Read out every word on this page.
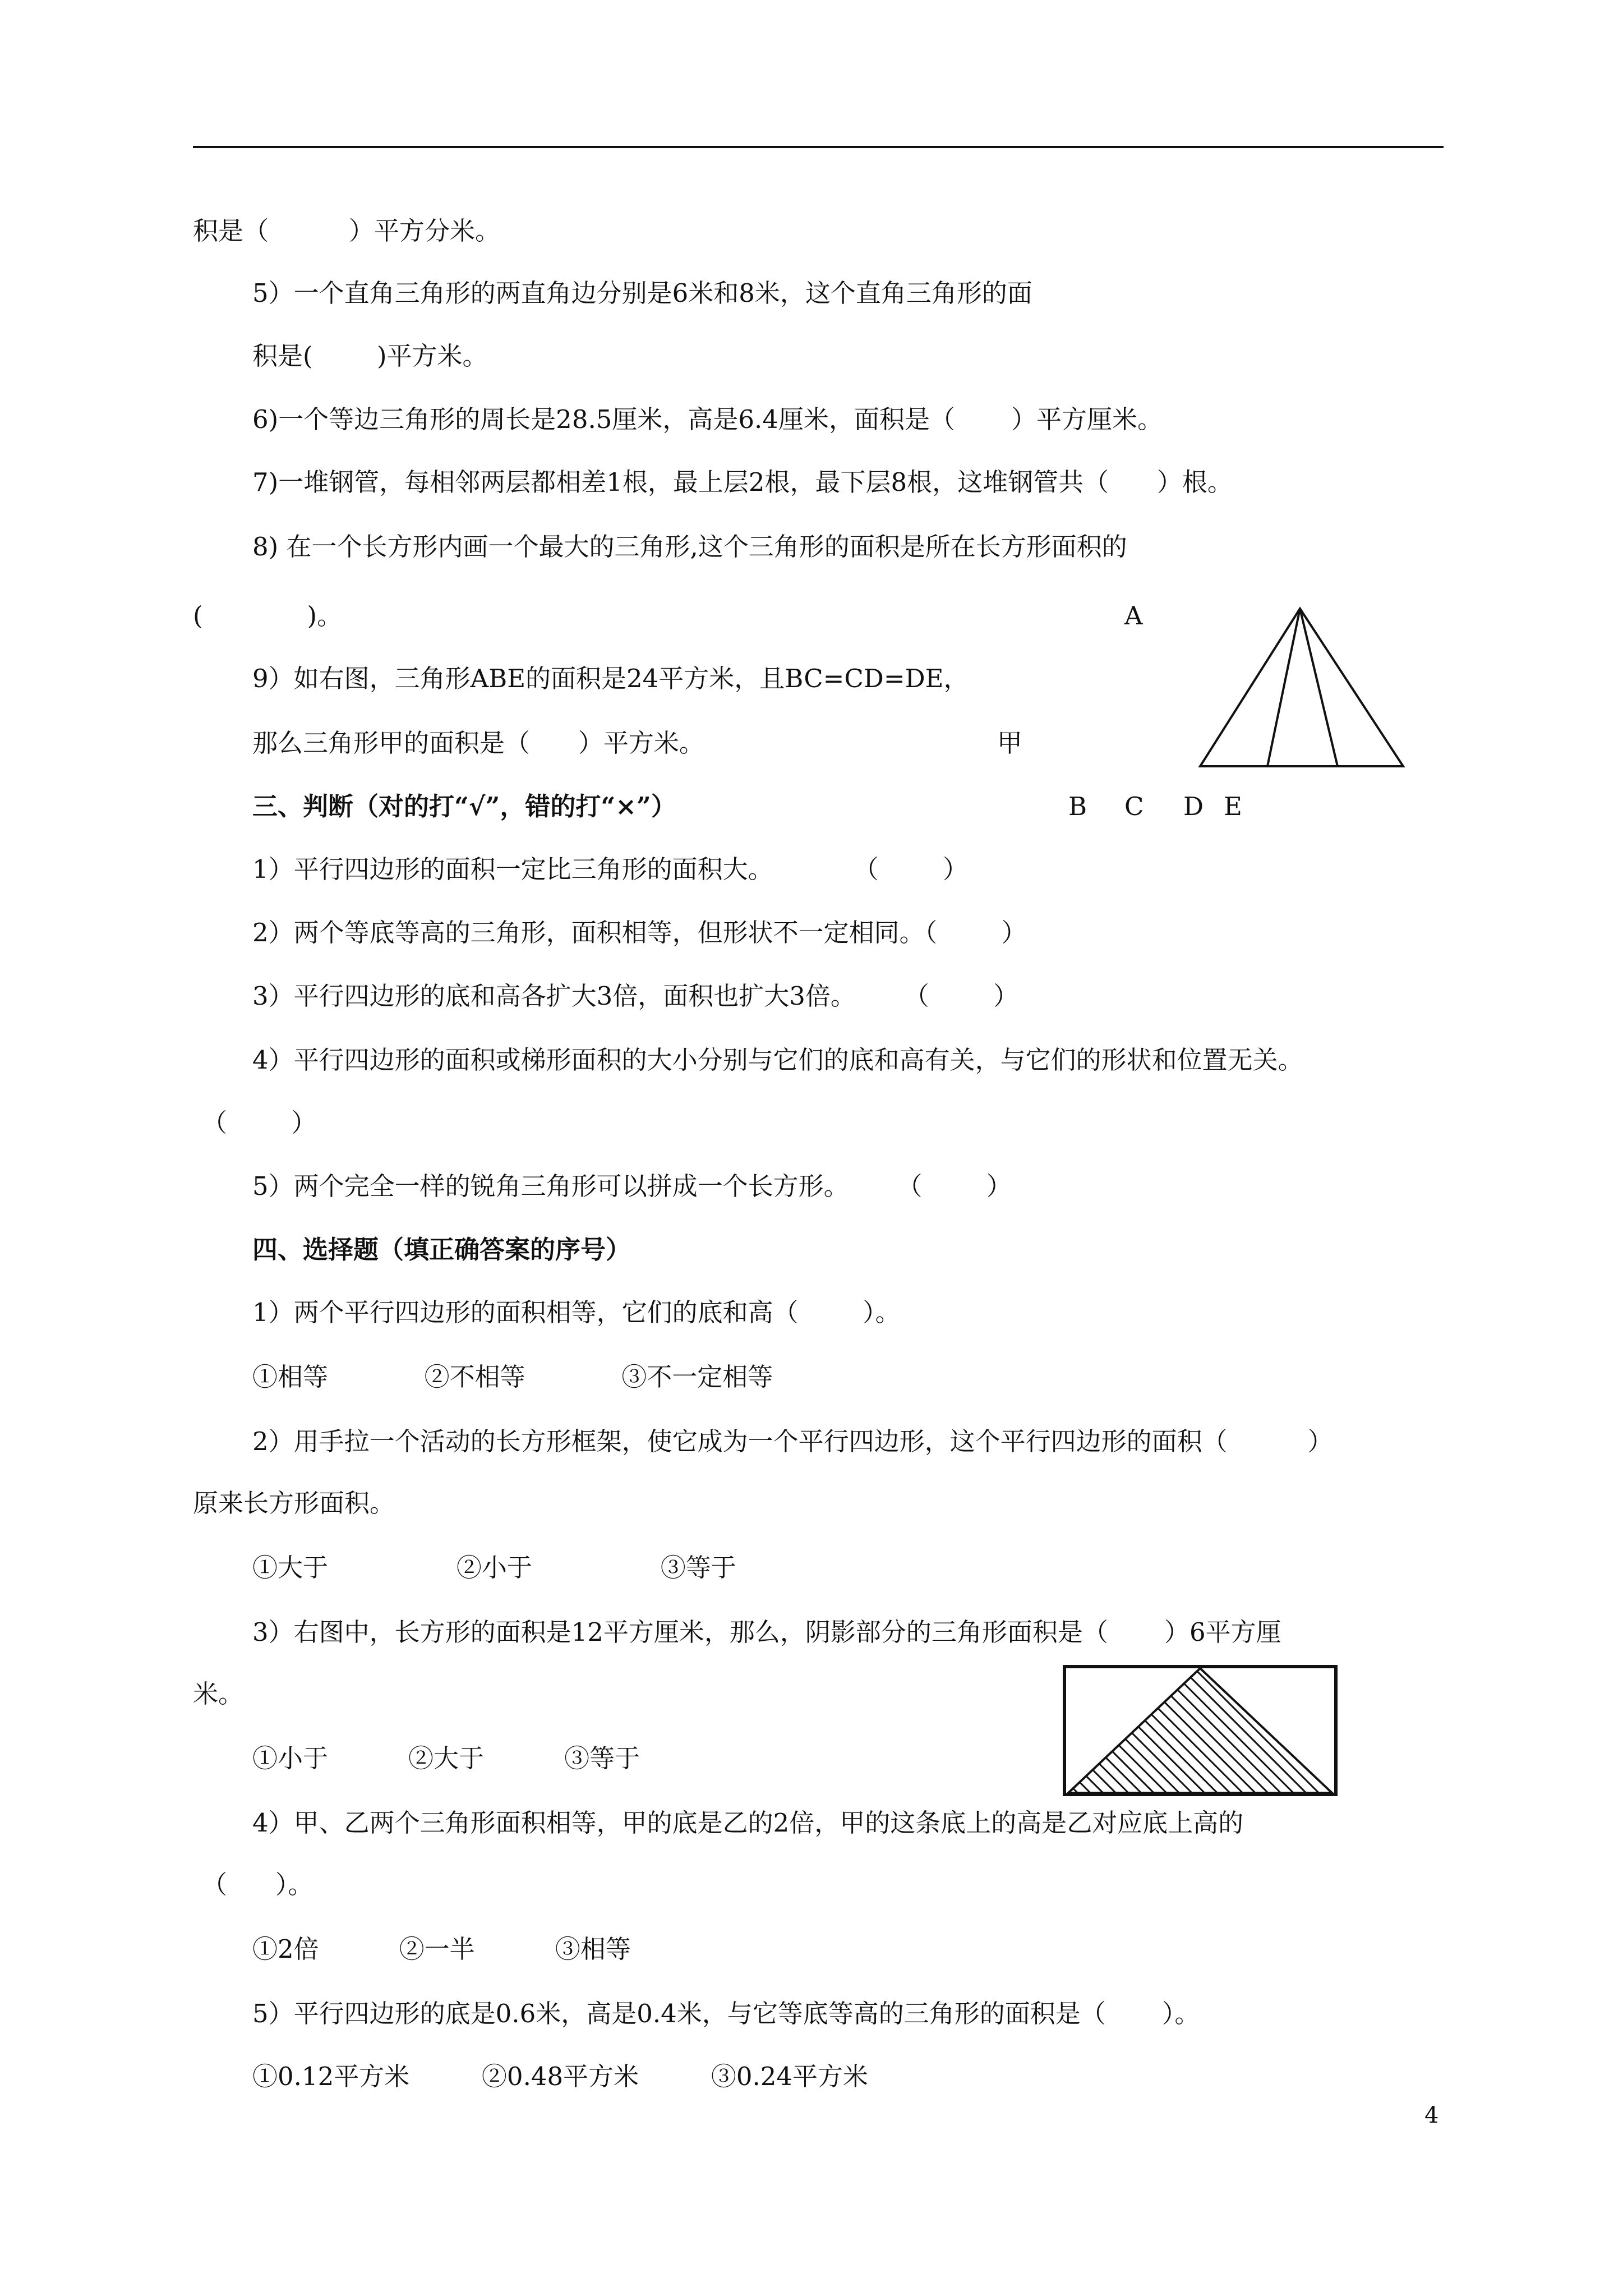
积是（          ）平方分米。
5）一个直角三角形的两直角边分别是6米和8米，这个直角三角形的面
积是(        )平方米。
6)一个等边三角形的周长是28.5厘米，高是6.4厘米，面积是（       ）平方厘米。
7)一堆钢管，每相邻两层都相差1根，最上层2根，最下层8根，这堆钢管共（      ）根。
8) 在一个长方形内画一个最大的三角形,这个三角形的面积是所在长方形面积的
(             )。
9）如右图，三角形ABE的面积是24平方米，且BC=CD=DE，
那么三角形甲的面积是（      ）平方米。
A
甲
B C D E
三、判断（对的打“√”，错的打“×”）
1）平行四边形的面积一定比三角形的面积大。          （        ）
2）两个等底等高的三角形，面积相等，但形状不一定相同。（        ）
3）平行四边形的底和高各扩大3倍，面积也扩大3倍。      （        ）
4）平行四边形的面积或梯形面积的大小分别与它们的底和高有关，与它们的形状和位置无关。
（        ）
5）两个完全一样的锐角三角形可以拼成一个长方形。      （        ）
四、选择题（填正确答案的序号）
1）两个平行四边形的面积相等，它们的底和高（        ）。
①相等            ②不相等            ③不一定相等
2）用手拉一个活动的长方形框架，使它成为一个平行四边形，这个平行四边形的面积（          ）
原来长方形面积。
①大于                ②小于                ③等于
3）右图中，长方形的面积是12平方厘米，那么，阴影部分的三角形面积是（       ）6平方厘
米。
①小于          ②大于          ③等于
4）甲、乙两个三角形面积相等，甲的底是乙的2倍，甲的这条底上的高是乙对应底上高的
（      ）。
①2倍          ②一半          ③相等
5）平行四边形的底是0.6米，高是0.4米，与它等底等高的三角形的面积是（       ）。
①0.12平方米         ②0.48平方米         ③0.24平方米
4
